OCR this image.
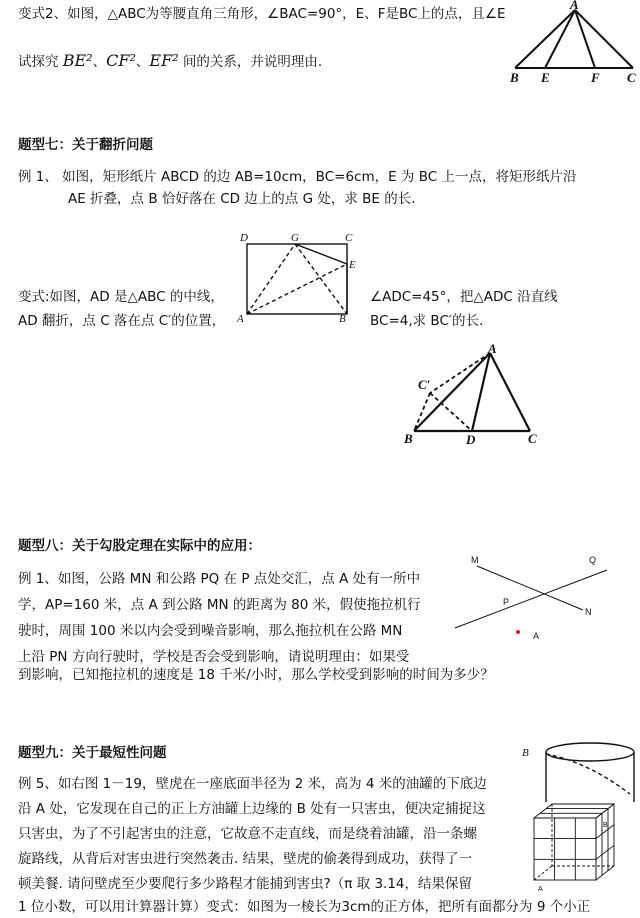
变式2、如图，△ABC为等腰直角三角形，∠BAC=90°，E、F是BC上的点，且∠E
试探究 BE²、CF²、EF² 间的关系，并说明理由.
A
B E	F C
题型七：关于翻折问题
例 1、 如图，矩形纸片 ABCD 的边 AB=10cm，BC=6cm，E 为 BC 上一点，将矩形纸片沿
AE 折叠，点 B 恰好落在 CD 边上的点 G 处，求 BE 的长.
D	G	C
E
A	B
变式:如图，AD 是△ABC 的中线，
AD 翻折，点 C 落在点 C′的位置，
∠ADC=45°，把△ADC 沿直线
BC=4,求 BC′的长.
A
C′
B	D	C
题型八：关于勾股定理在实际中的应用：
例 1、如图，公路 MN 和公路 PQ 在 P 点处交汇，点 A 处有一所中
学，AP=160 米，点 A 到公路 MN 的距离为 80 米，假使拖拉机行
驶时，周围 100 米以内会受到噪音影响，那么拖拉机在公路 MN
上沿 PN 方向行驶时，学校是否会受到影响，请说明理由：如果受
到影响，已知拖拉机的速度是 18 千米/小时，那么学校受到影响的时间为多少？
M	Q
P
N
A
题型九：关于最短性问题
例 5、如右图 1－19，壁虎在一座底面半径为 2 米，高为 4 米的油罐的下底边
沿 A 处，它发现在自己的正上方油罐上边缘的 B 处有一只害虫，便决定捕捉这
只害虫，为了不引起害虫的注意，它故意不走直线，而是绕着油罐，沿一条螺
旋路线，从背后对害虫进行突然袭击. 结果，壁虎的偷袭得到成功，获得了一
顿美餐. 请问壁虎至少要爬行多少路程才能捕到害虫?（π 取 3.14，结果保留
1 位小数，可以用计算器计算）变式：如图为一棱长为3cm的正方体，把所有面都分为 9 个小正
B
B
A
